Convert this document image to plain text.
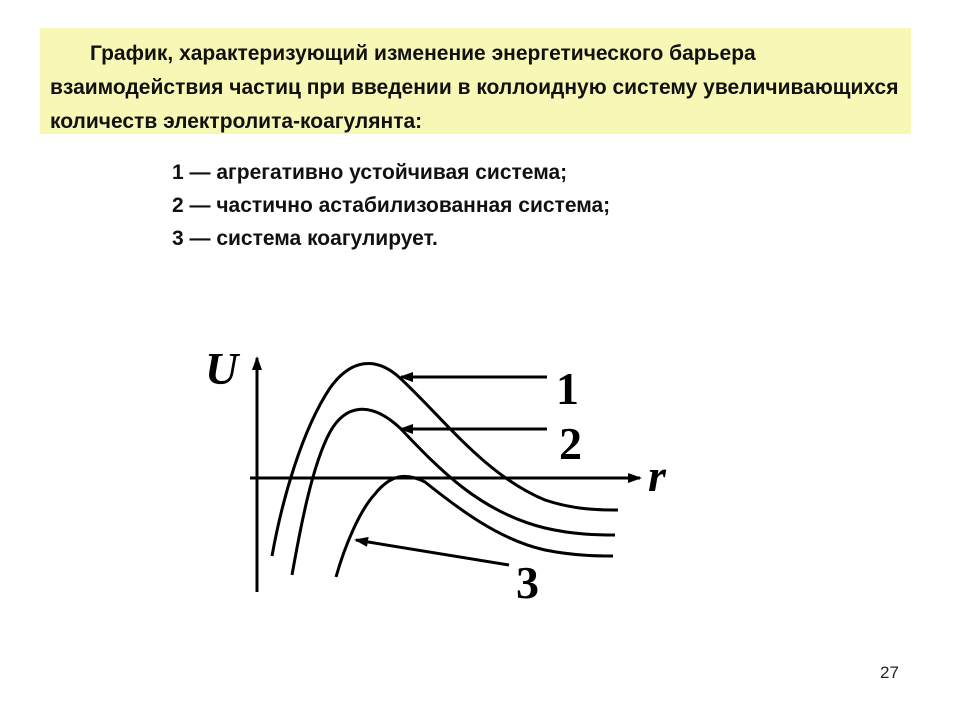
График, характеризующий изменение энергетического барьера взаимодействия частиц при введении в коллоидную систему увеличивающихся количеств электролита-коагулянта:

1 — агрегативно устойчивая система;
2 — частично астабилизованная система;
3 — система коагулирует.
U
r
1
2
3
27
